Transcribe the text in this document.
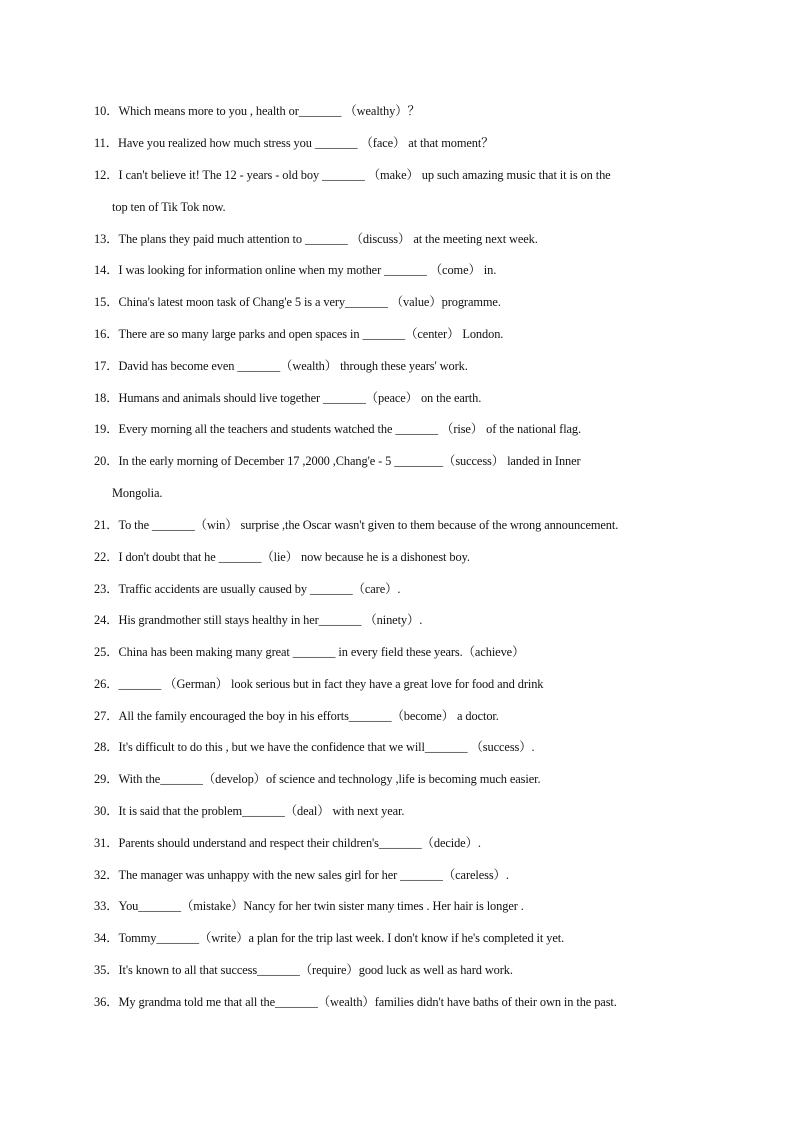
10．Which means more to you , health or_______ （wealthy）？
11．Have you realized how much stress you _______ （face） at that moment？
12．I can't believe it! The 12 - years - old boy _______ （make） up such amazing music that it is on the
top ten of Tik Tok now.
13．The plans they paid much attention to _______ （discuss） at the meeting next week.
14．I was looking for information online when my mother _______ （come） in.
15．China's latest moon task of Chang'e 5 is a very_______ （value）programme.
16．There are so many large parks and open spaces in _______（center） London.
17．David has become even _______（wealth） through these years' work.
18．Humans and animals should live together _______（peace） on the earth.
19．Every morning all the teachers and students watched the _______ （rise） of the national flag.
20．In the early morning of December 17 ,2000 ,Chang'e - 5 ________（success） landed in Inner
Mongolia.
21．To the _______（win） surprise ,the Oscar wasn't given to them because of the wrong announcement.
22．I don't doubt that he _______（lie） now because he is a dishonest boy.
23．Traffic accidents are usually caused by _______（care）.
24．His grandmother still stays healthy in her_______ （ninety）.
25．China has been making many great _______ in every field these years.（achieve）
26．_______ （German） look serious but in fact they have a great love for food and drink
27．All the family encouraged the boy in his efforts_______（become） a doctor.
28．It's difficult to do this , but we have the confidence that we will_______ （success）.
29．With the_______（develop）of science and technology ,life is becoming much easier.
30．It is said that the problem_______（deal） with next year.
31．Parents should understand and respect their children's_______（decide）.
32．The manager was unhappy with the new sales girl for her _______（careless）.
33．You_______（mistake）Nancy for her twin sister many times . Her hair is longer .
34．Tommy_______（write）a plan for the trip last week. I don't know if he's completed it yet.
35．It's known to all that success_______（require）good luck as well as hard work.
36．My grandma told me that all the_______（wealth）families didn't have baths of their own in the past.
